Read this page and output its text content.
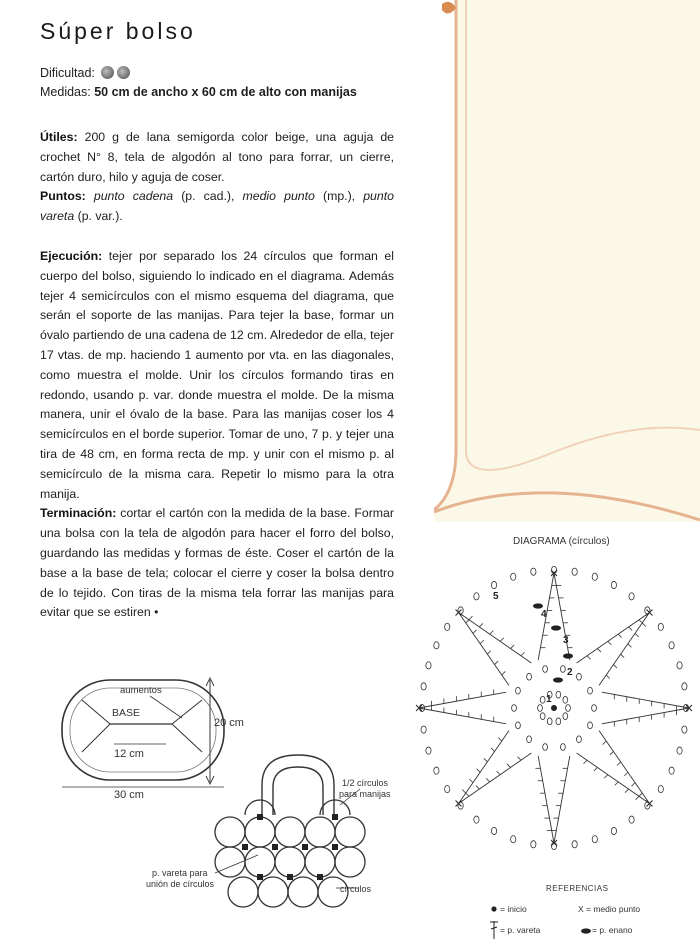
Súper bolso
Dificultad:
Medidas: 50 cm de ancho x 60 cm de alto con manijas

Útiles: 200 g de lana semigorda color beige, una aguja de crochet N° 8, tela de algodón al tono para forrar, un cierre, cartón duro, hilo y aguja de coser.

Puntos: punto cadena (p. cad.), medio punto (mp.), punto vareta (p. var.).

Ejecución: tejer por separado los 24 círculos que forman el cuerpo del bolso, siguiendo lo indicado en el diagrama. Además tejer 4 semicírculos con el mismo esquema del diagrama, que serán el soporte de las manijas. Para tejer la base, formar un óvalo partiendo de una cadena de 12 cm. Alrededor de ella, tejer 17 vtas. de mp. haciendo 1 aumento por vta. en las diagonales, como muestra el molde. Unir los círculos formando tiras en redondo, usando p. var. donde muestra el molde. De la misma manera, unir el óvalo de la base. Para las manijas coser los 4 semicírculos en el borde superior. Tomar de uno, 7 p. y tejer una tira de 48 cm, en forma recta de mp. y unir con el mismo p. al semicírculo de la misma cara. Repetir lo mismo para la otra manija.

Terminación: cortar el cartón con la medida de la base. Formar una bolsa con la tela de algodón para hacer el forro del bolso, guardando las medidas y formas de éste. Coser el cartón de la base a la base de tela; colocar el cierre y coser la bolsa dentro de lo tejido. Con tiras de la misma tela forrar las manijas para evitar que se estiren •

aumentos
BASE
12 cm
30 cm
20 cm
1/2 círculos
para manijas
p. vareta para
unión de círculos	círculos
DIAGRAMA (círculos)
1
2
3
4
5
REFERENCIAS
= inicio	X = medio punto
= p. vareta	= p. enano
